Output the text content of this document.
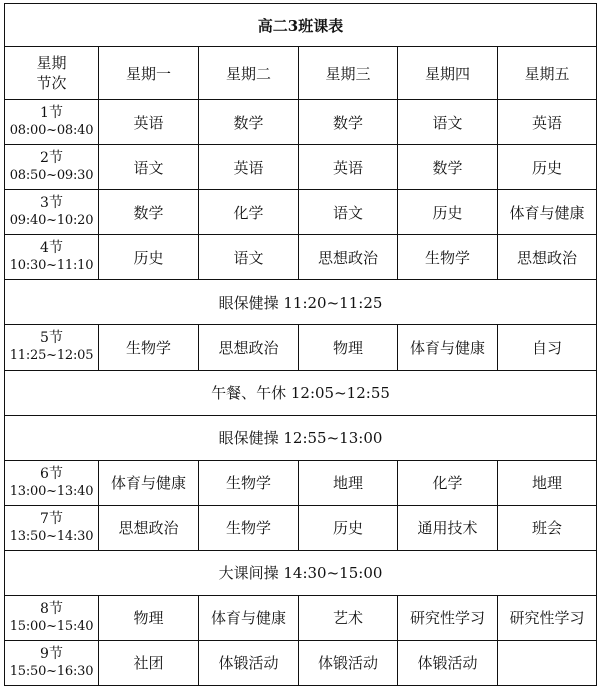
高二3班课表					

星期
节次	星期一	星期二	星期三	星期四	星期五

1节
08:00~08:40	英语	数学	数学	语文	英语

2节
08:50~09:30	语文	英语	英语	数学	历史

3节
09:40~10:20	数学	化学	语文	历史	体育与健康

4节
10:30~11:10	历史	语文	思想政治	生物学	思想政治
眼保健操 11:20~11:25					

5节
11:25~12:05	生物学	思想政治	物理	体育与健康	自习
午餐、午休 12:05~12:55					
眼保健操 12:55~13:00					

6节
13:00~13:40	体育与健康	生物学	地理	化学	地理

7节
13:50~14:30	思想政治	生物学	历史	通用技术	班会
大课间操 14:30~15:00					

8节
15:00~15:40	物理	体育与健康	艺术	研究性学习	研究性学习

9节
15:50~16:30	社团	体锻活动	体锻活动	体锻活动	
